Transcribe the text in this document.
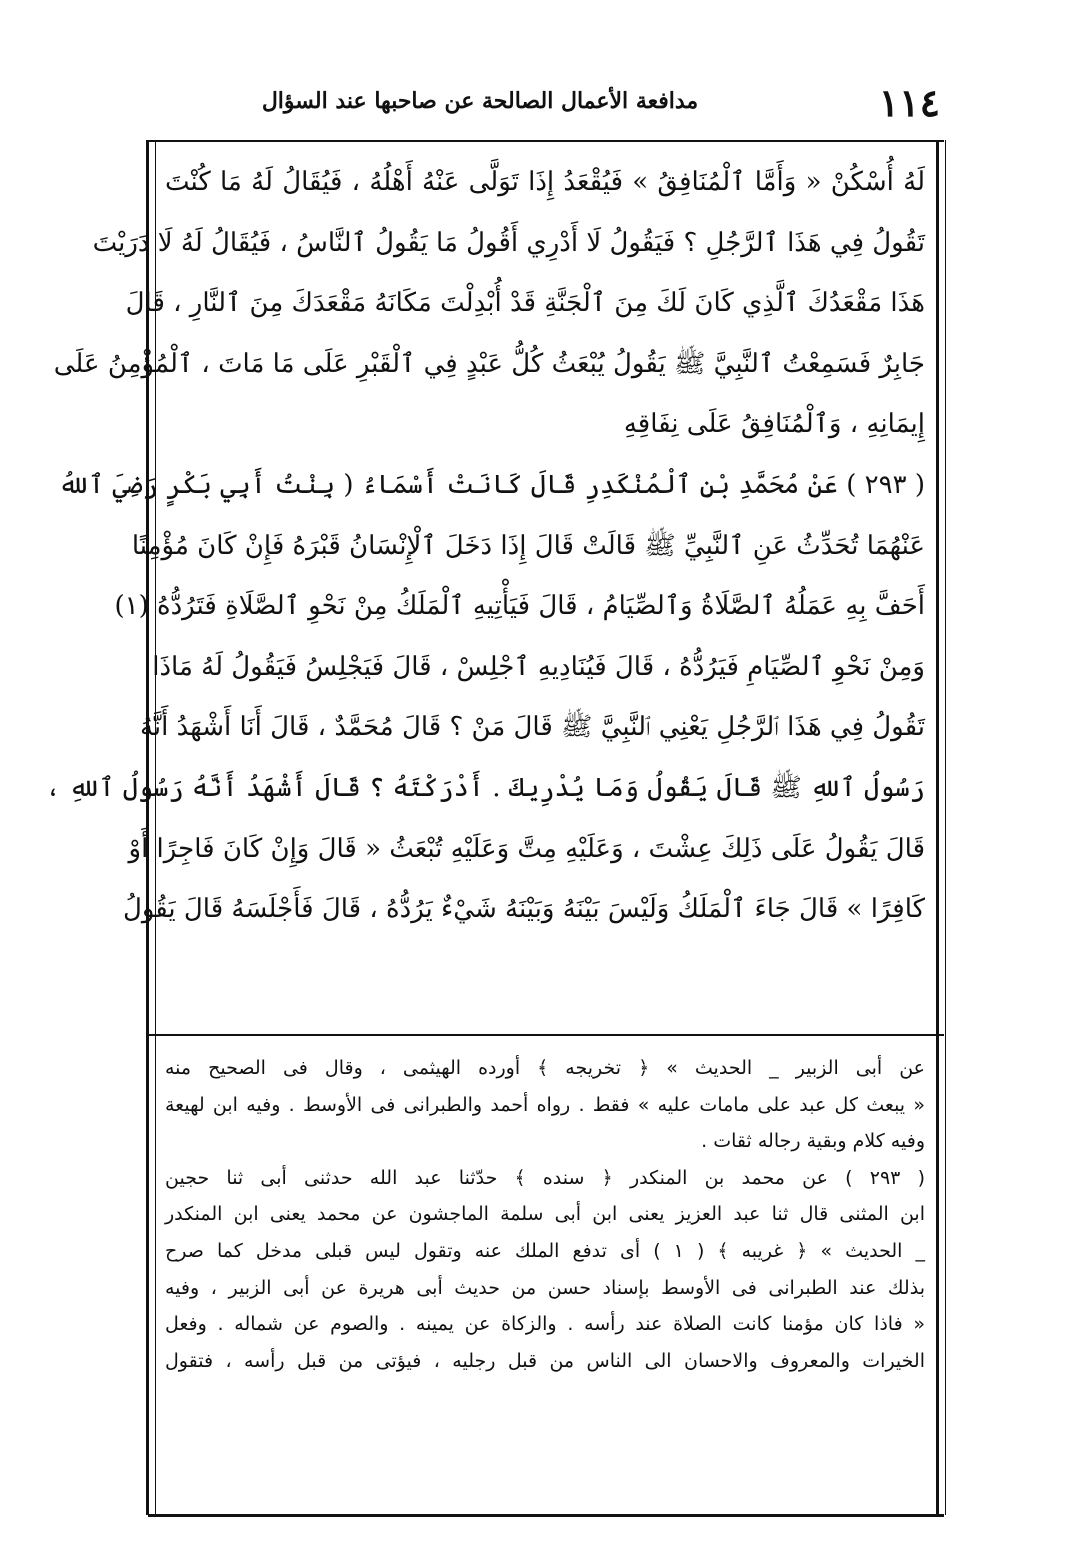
١١٤
مدافعة الأعمال الصالحة عن صاحبها عند السؤال
لَهُ أُسْكُنْ « وَأَمَّا ٱلْمُنَافِقُ » فَيُقْعَدُ إِذَا تَوَلَّى عَنْهُ أَهْلُهُ ، فَيُقَالُ لَهُ مَا كُنْتَ
تَقُولُ فِي هَذَا ٱلرَّجُلِ ؟ فَيَقُولُ لَا أَدْرِي أَقُولُ مَا يَقُولُ ٱلنَّاسُ ، فَيُقَالُ لَهُ لَا دَرَيْتَ
هَذَا مَقْعَدُكَ ٱلَّذِي كَانَ لَكَ مِنَ ٱلْجَنَّةِ قَدْ أُبْدِلْتَ مَكَانَهُ مَقْعَدَكَ مِنَ ٱلنَّارِ ، قَالَ
جَابِرٌ فَسَمِعْتُ ٱلنَّبِيَّ ﷺ يَقُولُ يُبْعَثُ كُلُّ عَبْدٍ فِي ٱلْقَبْرِ عَلَى مَا مَاتَ ، ٱلْمُؤْمِنُ عَلَى
إِيمَانِهِ ، وَٱلْمُنَافِقُ عَلَى نِفَاقِهِ
( ٢٩٣ ) عَنْ مُحَمَّدِ بْنِ ٱلْمُنْكَدِرِ قَالَ كَانَتْ أَسْمَاءُ ( بِنْتُ أَبِي بَكْرٍ رَضِيَ ٱللهُ
عَنْهُمَا تُحَدِّثُ عَنِ ٱلنَّبِيِّ ﷺ قَالَتْ قَالَ إِذَا دَخَلَ ٱلْإِنْسَانُ قَبْرَهُ فَإِنْ كَانَ مُؤْمِنًا
أَحَفَّ بِهِ عَمَلُهُ ٱلصَّلَاةُ وَٱلصِّيَامُ ، قَالَ فَيَأْتِيهِ ٱلْمَلَكُ مِنْ نَحْوِ ٱلصَّلَاةِ فَتَرُدُّهُ (١)
وَمِنْ نَحْوِ ٱلصِّيَامِ فَيَرُدُّهُ ، قَالَ فَيُنَادِيهِ ٱجْلِسْ ، قَالَ فَيَجْلِسُ فَيَقُولُ لَهُ مَاذَا
تَقُولُ فِي هَذَا ٱلرَّجُلِ يَعْنِي ٱلنَّبِيَّ ﷺ قَالَ مَنْ ؟ قَالَ مُحَمَّدٌ ، قَالَ أَنَا أَشْهَدُ أَنَّهُ
رَسُولُ ٱللهِ ﷺ قَالَ يَقُولُ وَمَا يُدْرِيكَ . أَدْرَكْتَهُ ؟ قَالَ أَشْهَدُ أَنَّهُ رَسُولُ ٱللهِ ،
قَالَ يَقُولُ عَلَى ذَلِكَ عِشْتَ ، وَعَلَيْهِ مِتَّ وَعَلَيْهِ تُبْعَثُ « قَالَ وَإِنْ كَانَ فَاجِرًا أَوْ
كَافِرًا » قَالَ جَاءَ ٱلْمَلَكُ وَلَيْسَ بَيْنَهُ وَبَيْنَهُ شَيْءٌ يَرُدُّهُ ، قَالَ فَأَجْلَسَهُ قَالَ يَقُولُ
عن أبى الزبير _ الحديث » ﴿ تخريجه ﴾ أورده الهيثمى ، وقال فى الصحيح منه
« يبعث كل عبد على مامات عليه » فقط . رواه أحمد والطبرانى فى الأوسط . وفيه ابن لهيعة
وفيه كلام وبقية رجاله ثقات .
( ٢٩٣ ) عن محمد بن المنكدر ﴿ سنده ﴾ حدّثنا عبد الله حدثنى أبى ثنا حجين
ابن المثنى قال ثنا عبد العزيز يعنى ابن أبى سلمة الماجشون عن محمد يعنى ابن المنكدر
_ الحديث » ﴿ غريبه ﴾ ( ١ ) أى تدفع الملك عنه وتقول ليس قبلى مدخل كما صرح
بذلك عند الطبرانى فى الأوسط بإسناد حسن من حديث أبى هريرة عن أبى الزبير ، وفيه
« فاذا كان مؤمنا كانت الصلاة عند رأسه . والزكاة عن يمينه . والصوم عن شماله . وفعل
الخيرات والمعروف والاحسان الى الناس من قبل رجليه ، فيؤتى من قبل رأسه ، فتقول
